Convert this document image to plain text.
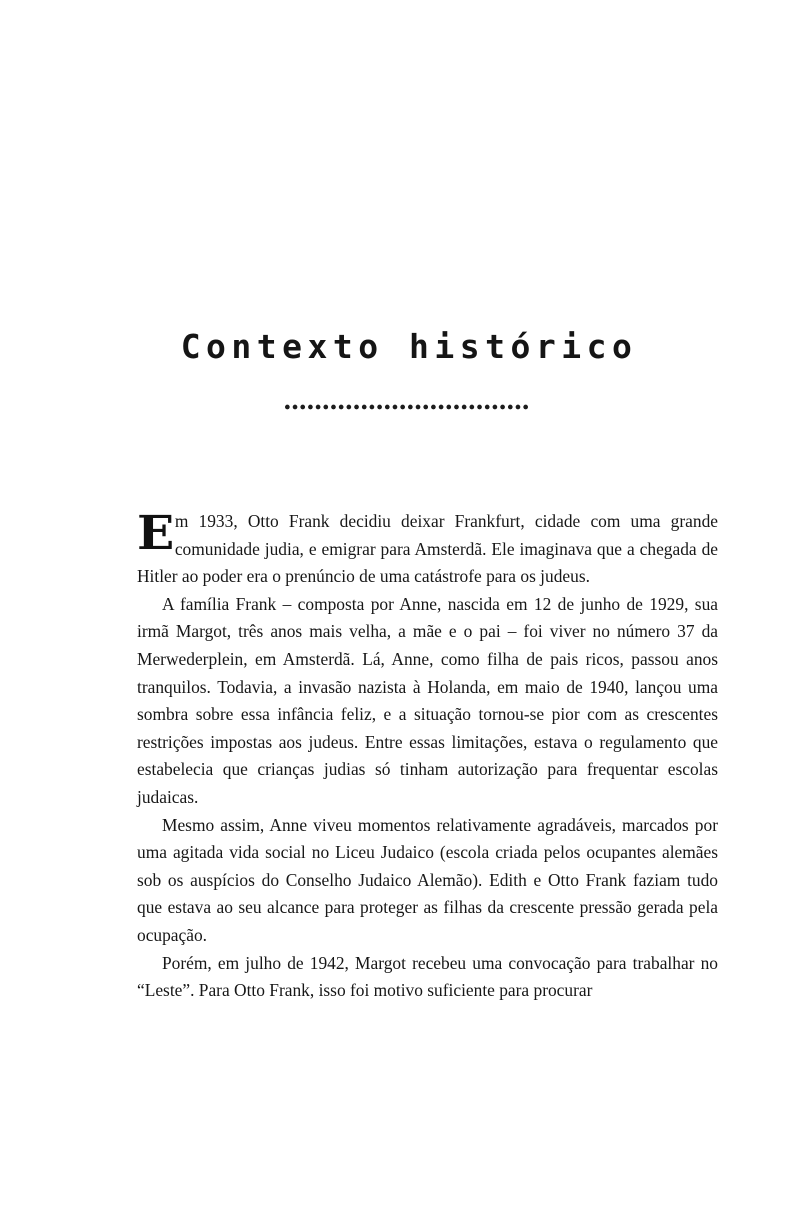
Contexto histórico

Em 1933, Otto Frank decidiu deixar Frankfurt, cidade com uma grande comunidade judia, e emigrar para Amsterdã. Ele imaginava que a chegada de Hitler ao poder era o prenúncio de uma catástrofe para os judeus.

A família Frank – composta por Anne, nascida em 12 de junho de 1929, sua irmã Margot, três anos mais velha, a mãe e o pai – foi viver no número 37 da Merwederplein, em Amsterdã. Lá, Anne, como filha de pais ricos, passou anos tranquilos. Todavia, a invasão nazista à Holanda, em maio de 1940, lançou uma sombra sobre essa infância feliz, e a situação tornou-se pior com as crescentes restrições impostas aos judeus. Entre essas limitações, estava o regulamento que estabelecia que crianças judias só tinham autorização para frequentar escolas judaicas.

Mesmo assim, Anne viveu momentos relativamente agradáveis, marcados por uma agitada vida social no Liceu Judaico (escola criada pelos ocupantes alemães sob os auspícios do Conselho Judaico Alemão). Edith e Otto Frank faziam tudo que estava ao seu alcance para proteger as filhas da crescente pressão gerada pela ocupação.

Porém, em julho de 1942, Margot recebeu uma convocação para trabalhar no “Leste”. Para Otto Frank, isso foi motivo suficiente para procurar
